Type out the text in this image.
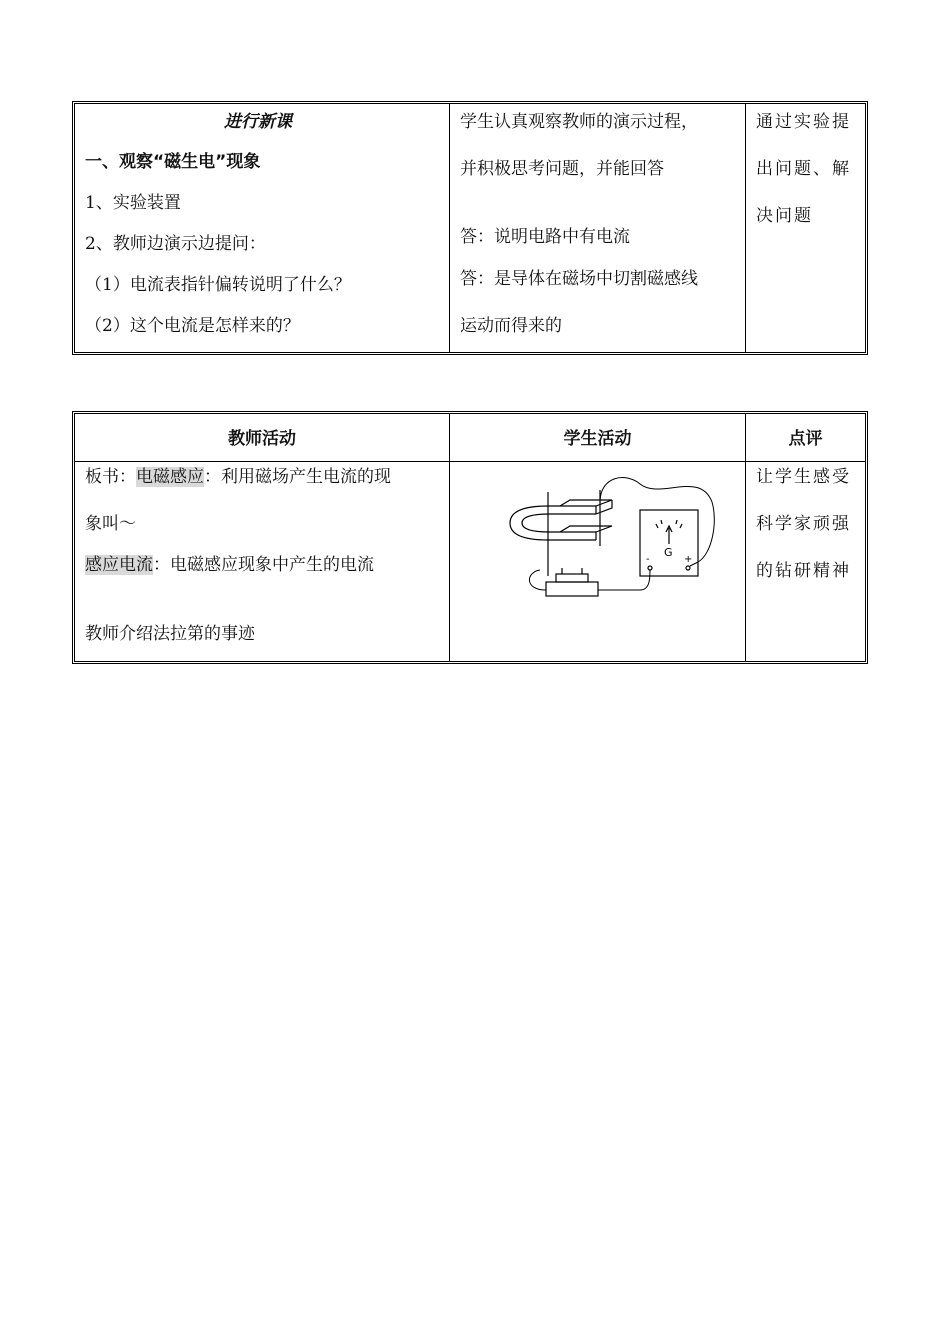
进行新课
一、观察“磁生电”现象
1、实验装置
2、教师边演示边提问：
（1）电流表指针偏转说明了什么？
（2）这个电流是怎样来的？
学生认真观察教师的演示过程，
并积极思考问题，并能回答
答：说明电路中有电流
答：是导体在磁场中切割磁感线
运动而得来的
通过实验提
出问题、解
决问题
教师活动
板书：电磁感应：利用磁场产生电流的现
象叫～
感应电流：电磁感应现象中产生的电流
教师介绍法拉第的事迹
学生活动
G
-	+
点评
让学生感受
科学家顽强
的钻研精神
